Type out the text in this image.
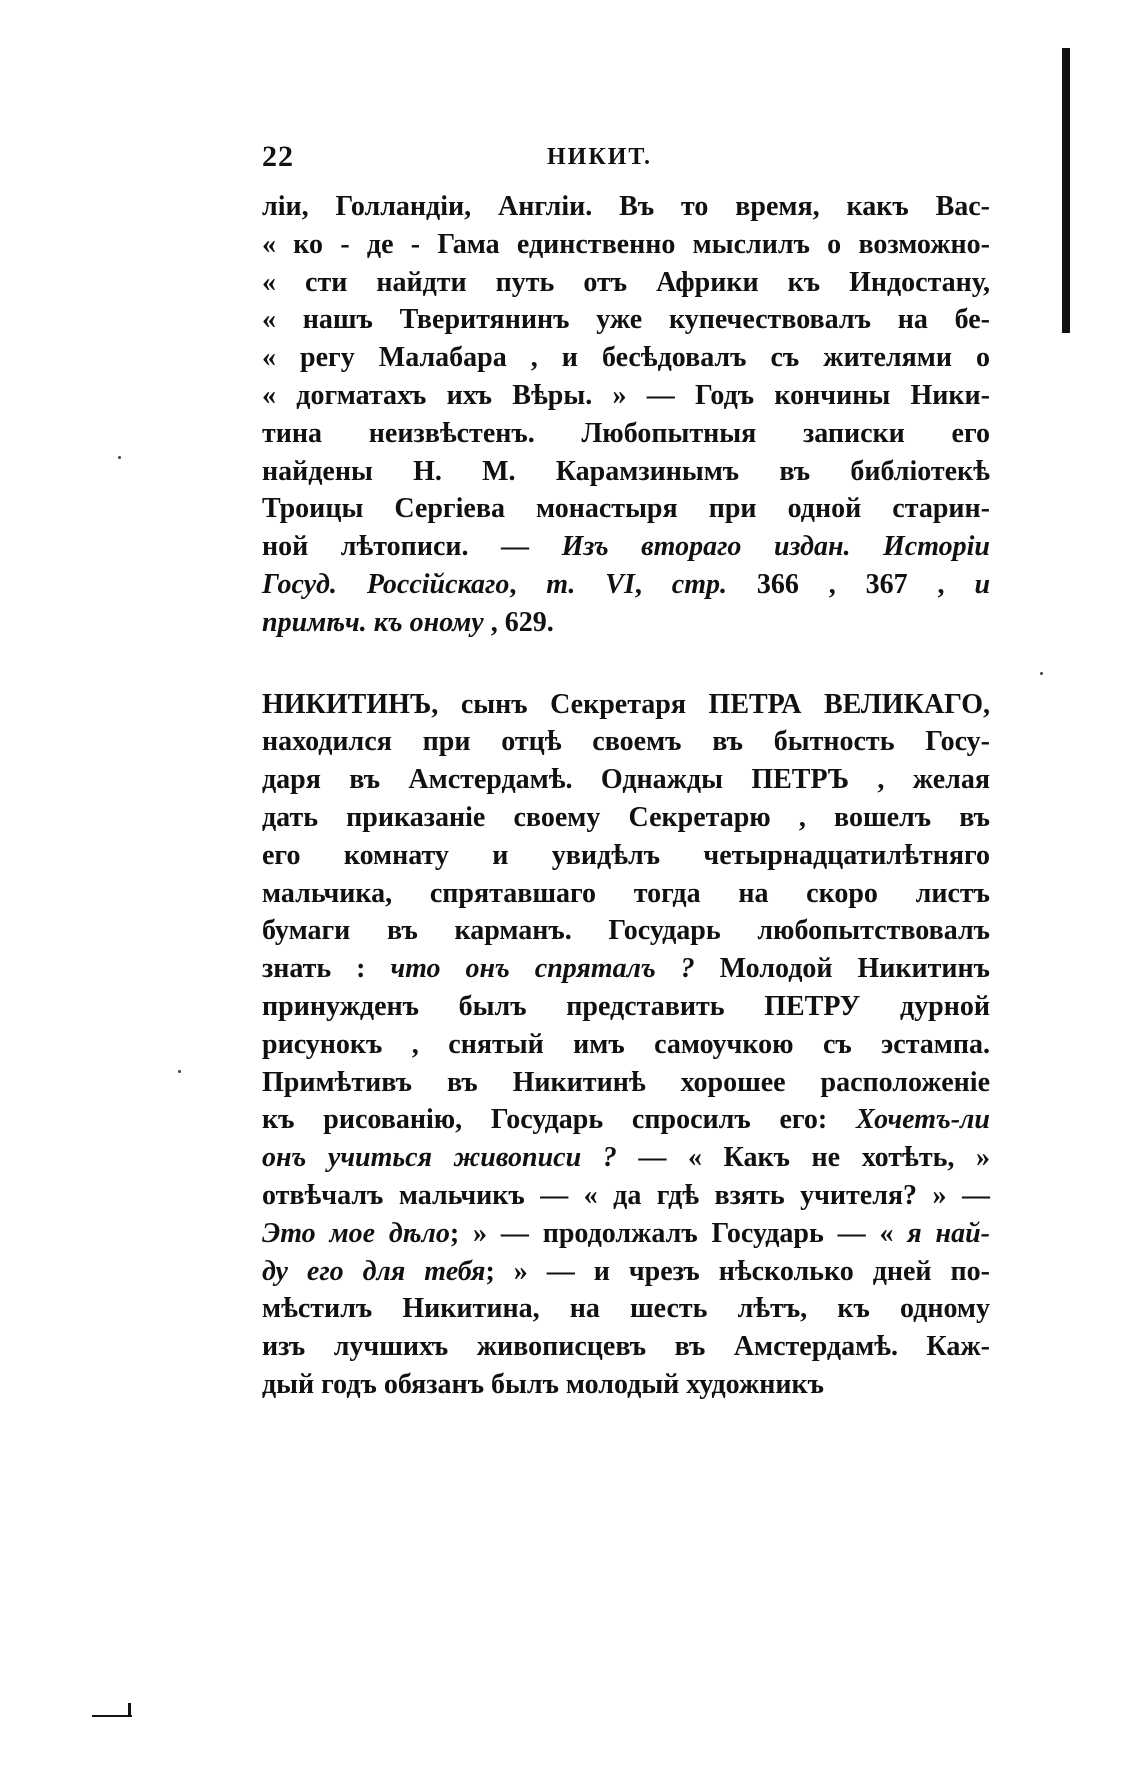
22	НИКИТ.
ліи, Голландіи, Англіи. Въ то время, какъ Вас-
« ко - де - Гама единственно мыслилъ о возможно-
« сти найдти путь отъ Африки къ Индостану,
« нашъ Тверитянинъ уже купечествовалъ на бе-
« регу Малабара , и бесѣдовалъ съ жителями о
« догматахъ ихъ Вѣры. » — Годъ кончины Ники-
тина неизвѣстенъ. Любопытныя записки его
найдены Н. М. Карамзинымъ въ библіотекѣ
Троицы Сергіева монастыря при одной старин-
ной лѣтописи. — Изъ втораго издан. Исторіи
Госуд. Россійскаго, т. VI, стр. 366 , 367 , и
примѣч. къ оному , 629.
НИКИТИНЪ, сынъ Секретаря ПЕТРА ВЕЛИКАГО,
находился при отцѣ своемъ въ бытность Госу-
даря въ Амстердамѣ. Однажды ПЕТРЪ , желая
дать приказаніе своему Секретарю , вошелъ въ
его комнату и увидѣлъ четырнадцатилѣтняго
мальчика, спрятавшаго тогда на скоро листъ
бумаги въ карманъ. Государь любопытствовалъ
знать : что онъ спряталъ ? Молодой Никитинъ
принужденъ былъ представить ПЕТРУ дурной
рисунокъ , снятый имъ самоучкою съ эстампа.
Примѣтивъ въ Никитинѣ хорошее расположеніе
къ рисованію, Государь спросилъ его: Хочетъ-ли
онъ учиться живописи ? — « Какъ не хотѣть, »
отвѣчалъ мальчикъ — « да гдѣ взять учителя? » —
Это мое дѣло; » — продолжалъ Государь — « я най-
ду его для тебя; » — и чрезъ нѣсколько дней по-
мѣстилъ Никитина, на шесть лѣтъ, къ одному
изъ лучшихъ живописцевъ въ Амстердамѣ. Каж-
дый годъ обязанъ былъ молодый художникъ
